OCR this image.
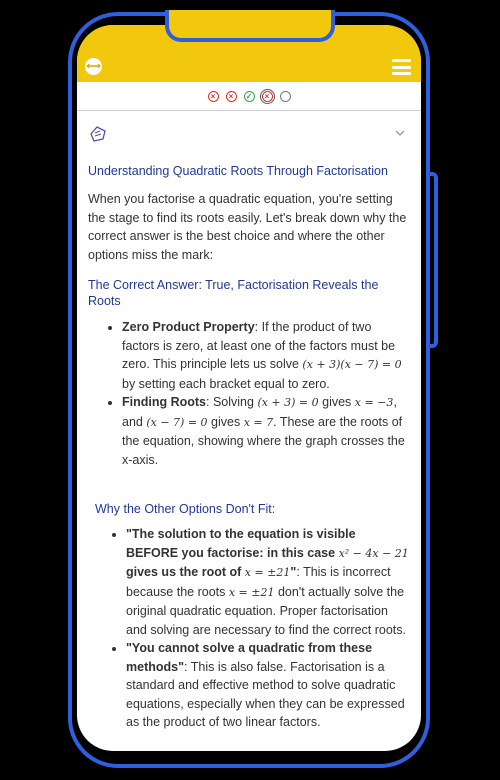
⟷
×	×	✓	×
Understanding Quadratic Roots Through Factorisation

When you factorise a quadratic equation, you're setting the stage to find its roots easily. Let's break down why the correct answer is the best choice and where the other options miss the mark:

The Correct Answer: True, Factorisation Reveals the Roots
• Zero Product Property: If the product of two factors is zero, at least one of the factors must be zero. This principle lets us solve (x + 3)(x − 7) = 0 by setting each bracket equal to zero.
• Finding Roots: Solving (x + 3) = 0 gives x = −3, and (x − 7) = 0 gives x = 7. These are the roots of the equation, showing where the graph crosses the x-axis.
Why the Other Options Don't Fit:
• "The solution to the equation is visible BEFORE you factorise: in this case x² − 4x − 21 gives us the root of x = ±21": This is incorrect because the roots x = ±21 don't actually solve the original quadratic equation. Proper factorisation and solving are necessary to find the correct roots.
• "You cannot solve a quadratic from these methods": This is also false. Factorisation is a standard and effective method to solve quadratic equations, especially when they can be expressed as the product of two linear factors.
